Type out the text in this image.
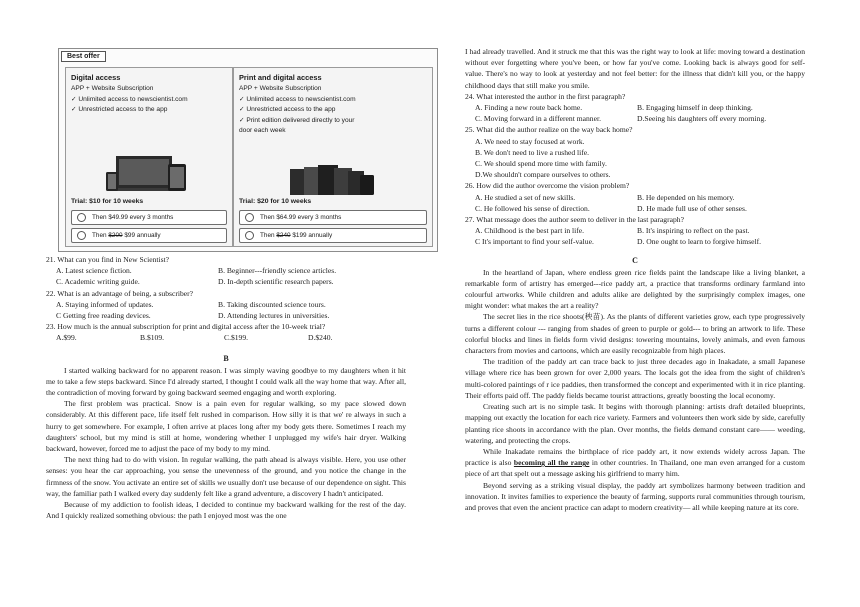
Best offer
Digital access
APP + Website Subscription
✓ Unlimited access to newscientist.com
✓ Unrestricted access to the app
Trial: $10 for 10 weeks
Then $49.99 every 3 months
Then $200 $99 annually
Print and digital access
APP + Website Subscription
✓ Unlimited access to newscientist.com
✓ Unrestricted access to the app
✓ Print edition delivered directly to your
door each week
Trial: $20 for 10 weeks
Then $64.99 every 3 months
Then $240 $199 annually
21. What can you find in New Scientist?
A. Latest science fiction.	B. Beginner---friendly science articles.
C. Academic writing guide.	D. In-depth scientific research papers.
22. What is an advantage of being, a subscriber?
A. Staying informed of updates.	B. Taking discounted science tours.
C Getting free reading devices.	D. Attending lectures in universities.
23. How much is the annual subscription for print and digital access after the 10-week trial?
A.$99.	B.$109.	C.$199.	D.$240.
B
I started walking backward for no apparent reason. I was simply waving goodbye to my daughters when it hit me to take a few steps backward. Since I'd already started, I thought I could walk all the way home that way. After all, the contradiction of moving forward by going backward seemed engaging and worth exploring.
The first problem was practical. Snow is a pain even for regular walking, so my pace slowed down considerably. At this different pace, life itself felt rushed in comparison. How silly it is that we' re always in such a hurry to get somewhere. For example, I often arrive at places long after my body gets there. Sometimes I reach my daughters' school, but my mind is still at home, wondering whether I unplugged my wife's hair dryer. Walking backward, however, forced me to adjust the pace of my body to my mind.
The next thing had to do with vision. In regular walking, the path ahead is always visible. Here, you use other senses: you hear the car approaching, you sense the unevenness of the ground, and you notice the change in the firmness of the snow. You activate an entire set of skills we usually don't use because of our dependence on sight. This way, the familiar path I walked every day suddenly felt like a grand adventure, a discovery I hadn't anticipated.
Because of my addiction to foolish ideas, I decided to continue my backward walking for the rest of the day. And I quickly realized something obvious: the path I enjoyed most was the one
I had already travelled. And it struck me that this was the right way to look at life: moving toward a destination without ever forgetting where you've been, or how far you've come. Looking back is always good for self-value. There's no way to look at yesterday and not feel better: for the illness that didn't kill you, or the happy childhood days that still make you smile.
24. What interested the author in the first paragraph?
A. Finding a new route back home.	B. Engaging himself in deep thinking.
C. Moving forward in a different manner.	D.Seeing his daughters off every morning.
25. What did the author realize on the way back home?
A. We need to stay focused at work.
B. We don't need to live a rushed life.
C. We should spend more time with family.
D.We shouldn't compare ourselves to others.
26. How did the author overcome the vision problem?
A. He studied a set of new skills.	B. He depended on his memory.
C. He followed his sense of direction.	D. He made full use of other senses.
27. What message does the author seem to deliver in the last paragraph?
A. Childhood is the best part in life.	B. It's inspiring to reflect on the past.
C It's important to find your self-value.	D. One ought to learn to forgive himself.
C
In the heartland of Japan, where endless green rice fields paint the landscape like a living blanket, a remarkable form of artistry has emerged---rice paddy art, a practice that transforms ordinary farmland into colourful artworks. While children and adults alike are delighted by the surprisingly complex images, one might wonder: what makes the art a reality?
The secret lies in the rice shoots(秧苗). As the plants of different varieties grow, each type progressively turns a different colour --- ranging from shades of green to purple or gold--- to bring an artwork to life. These colorful blocks and lines in fields form vivid designs: towering mountains, lovely animals, and even famous characters from movies and cartoons, which are easily recognizable from high places.
The tradition of the paddy art can trace back to just three decades ago in Inakadate, a small Japanese village where rice has been grown for over 2,000 years. The locals got the idea from the sight of children's multi-colored paintings of r ice paddies, then transformed the concept and experimented with it in rice planting. Their efforts paid off. The paddy fields became tourist attractions, greatly boosting the local economy.
Creating such art is no simple task. It begins with thorough planning: artists draft detailed blueprints, mapping out exactly the location for each rice variety. Farmers and volunteers then work side by side, carefully planting rice shoots in accordance with the plan. Over months, the fields demand constant care—— weeding, watering, and protecting the crops.
While Inakadate remains the birthplace of rice paddy art, it now extends widely across Japan. The practice is also becoming all the range in other countries. In Thailand, one man even arranged for a custom piece of art that spelt out a message asking his girlfriend to marry him.
Beyond serving as a striking visual display, the paddy art symbolizes harmony between tradition and innovation. It invites families to experience the beauty of farming, supports rural communities through tourism, and proves that even the ancient practice can adapt to modern creativity— all while keeping nature at its core.
